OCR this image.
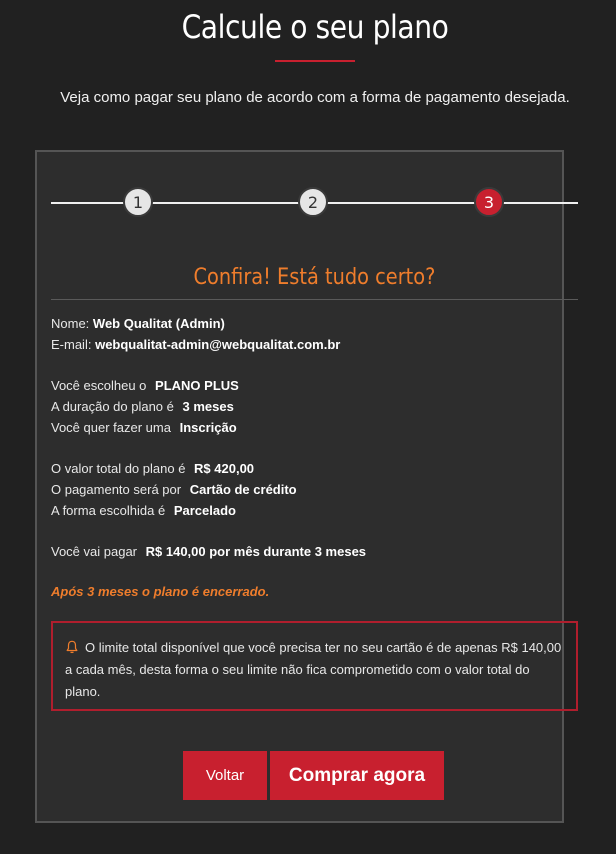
Calcule o seu plano
Veja como pagar seu plano de acordo com a forma de pagamento desejada.
1	2	3
Confira! Está tudo certo?
Nome: Web Qualitat (Admin)
E-mail: webqualitat-admin@webqualitat.com.br
Você escolheu o PLANO PLUS
A duração do plano é 3 meses
Você quer fazer uma Inscrição
O valor total do plano é R$ 420,00
O pagamento será por Cartão de crédito
A forma escolhida é Parcelado
Você vai pagar R$ 140,00 por mês durante 3 meses
Após 3 meses o plano é encerrado.
O limite total disponível que você precisa ter no seu cartão é de apenas R$ 140,00 a cada mês, desta forma o seu limite não fica comprometido com o valor total do plano.
Voltar	Comprar agora
